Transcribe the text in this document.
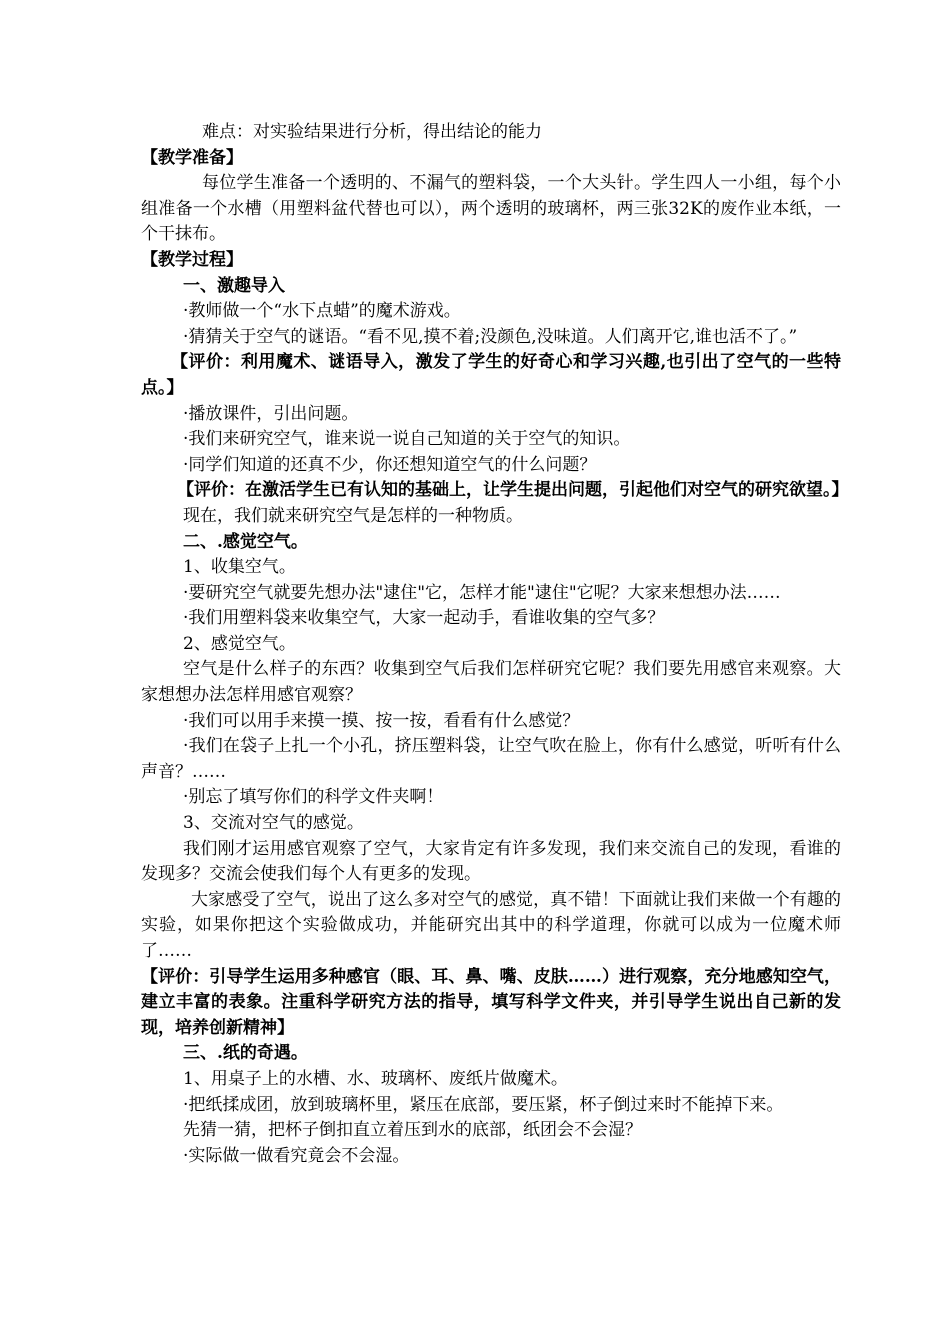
难点：对实验结果进行分析，得出结论的能力
【教学准备】
每位学生准备一个透明的、不漏气的塑料袋，一个大头针。学生四人一小组，每个小组准备一个水槽（用塑料盆代替也可以），两个透明的玻璃杯，两三张32K的废作业本纸，一个干抹布。
【教学过程】
一、激趣导入
·教师做一个“水下点蜡”的魔术游戏。
·猜猜关于空气的谜语。“看不见,摸不着;没颜色,没味道。人们离开它,谁也活不了。”
【评价：利用魔术、谜语导入，激发了学生的好奇心和学习兴趣,也引出了空气的一些特点。】
·播放课件，引出问题。
·我们来研究空气，谁来说一说自己知道的关于空气的知识。
·同学们知道的还真不少，你还想知道空气的什么问题？
【评价：在激活学生已有认知的基础上，让学生提出问题，引起他们对空气的研究欲望。】
现在，我们就来研究空气是怎样的一种物质。
二、.感觉空气。
1、收集空气。
·要研究空气就要先想办法"逮住"它，怎样才能"逮住"它呢？大家来想想办法……
·我们用塑料袋来收集空气，大家一起动手，看谁收集的空气多？
2、感觉空气。
空气是什么样子的东西？收集到空气后我们怎样研究它呢？我们要先用感官来观察。大家想想办法怎样用感官观察？
·我们可以用手来摸一摸、按一按，看看有什么感觉？
·我们在袋子上扎一个小孔，挤压塑料袋，让空气吹在脸上，你有什么感觉，听听有什么声音？……
·别忘了填写你们的科学文件夹啊！
3、交流对空气的感觉。
我们刚才运用感官观察了空气，大家肯定有许多发现，我们来交流自己的发现，看谁的发现多？交流会使我们每个人有更多的发现。
大家感受了空气，说出了这么多对空气的感觉，真不错！下面就让我们来做一个有趣的实验，如果你把这个实验做成功，并能研究出其中的科学道理，你就可以成为一位魔术师了……
【评价：引导学生运用多种感官（眼、耳、鼻、嘴、皮肤……）进行观察，充分地感知空气，建立丰富的表象。注重科学研究方法的指导，填写科学文件夹，并引导学生说出自己新的发现，培养创新精神】
三、.纸的奇遇。
1、用桌子上的水槽、水、玻璃杯、废纸片做魔术。
·把纸揉成团，放到玻璃杯里，紧压在底部，要压紧，杯子倒过来时不能掉下来。
先猜一猜，把杯子倒扣直立着压到水的底部，纸团会不会湿？
·实际做一做看究竟会不会湿。
